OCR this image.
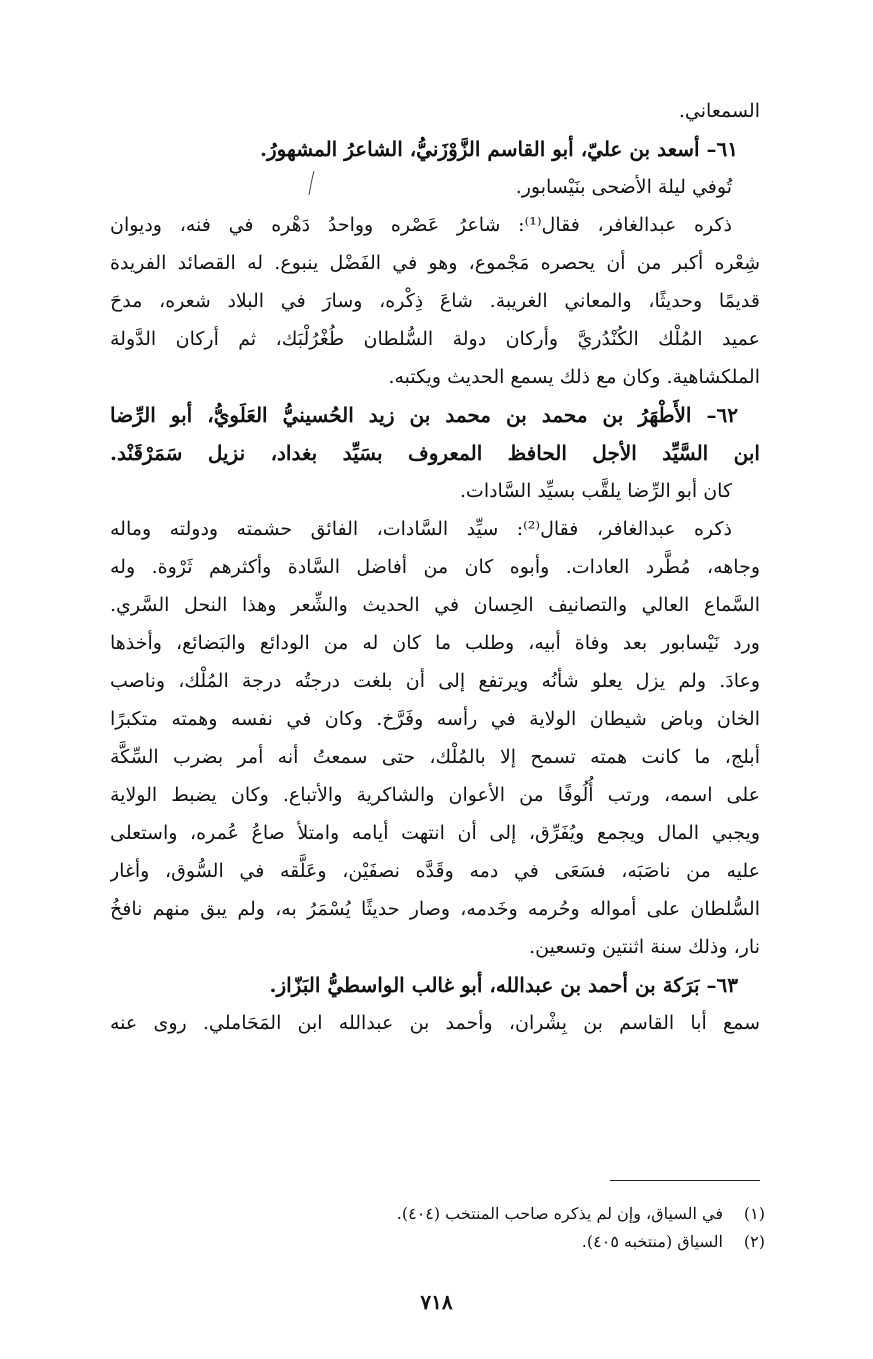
السمعاني.
٦١– أسعد بن عليّ، أبو القاسم الزَّوْزَنيُّ، الشاعرُ المشهورُ.
تُوفي ليلة الأضحى بنَيْسابور.
ذكره عبدالغافر، فقال⁽¹⁾: شاعرُ عَصْره وواحدُ دَهْره في فنه، وديوان
شِعْره أكبر من أن يحصره مَجْموع، وهو في الفَضْل ينبوع. له القصائد الفريدة
قديمًا وحديثًا، والمعاني الغريبة. شاعَ ذِكْره، وسارَ في البلاد شعره، مدحَ
عميد المُلْك الكُنْدُريَّ وأركان دولة السُّلطان طُغْرُلْبَك، ثم أركان الدَّولة
الملكشاهية. وكان مع ذلك يسمع الحديث ويكتبه.
٦٢– الأَطْهَرُ بن محمد بن محمد بن زيد الحُسينيُّ العَلَويُّ، أبو الرِّضا
ابن السَّيِّد الأجل الحافظ المعروف بسَيِّد بغداد، نزيل سَمَرْقَنْد.
كان أبو الرِّضا يلقَّب بسيِّد السَّادات.
ذكره عبدالغافر، فقال⁽²⁾: سيِّد السَّادات، الفائق حشمته ودولته وماله
وجاهه، مُطَّرد العادات. وأبوه كان من أفاضل السَّادة وأكثرهم ثَرْوة. وله
السَّماع العالي والتصانيف الحِسان في الحديث والشِّعر وهذا النحل السَّري.
ورد نَيْسابور بعد وفاة أبيه، وطلب ما كان له من الودائع والبَضائع، وأخذها
وعادَ. ولم يزل يعلو شأنُه ويرتفع إلى أن بلغت درجتُه درجة المُلْك، وناصب
الخان وباض شيطان الولاية في رأسه وفَرَّخ. وكان في نفسه وهمته متكبرًا
أبلج، ما كانت همته تسمح إلا بالمُلْك، حتى سمعتُ أنه أمر بضرب السِّكَّة
على اسمه، ورتب أُلُوفًا من الأعوان والشاكرية والأتباع. وكان يضبط الولاية
ويجبي المال ويجمع ويُفَرِّق، إلى أن انتهت أيامه وامتلأ صاعُ عُمره، واستعلى
عليه من ناصَبَه، فسَعَى في دمه وقَدَّه نصفَيْن، وعَلَّقه في السُّوق، وأغار
السُّلطان على أمواله وحُرمه وخَدمه، وصار حديثًا يُسْمَرُ به، ولم يبق منهم نافخُ
نار، وذلك سنة اثنتين وتسعين.
٦٣– بَرَكة بن أحمد بن عبدالله، أبو غالب الواسطيُّ البَزّاز.
سمع أبا القاسم بن بِشْران، وأحمد بن عبدالله ابن المَحَاملي. روى عنه
(١)في السياق، وإن لم يذكره صاحب المنتخب (٤٠٤).
(٢)السياق (منتخبه ٤٠٥).
٧١٨
